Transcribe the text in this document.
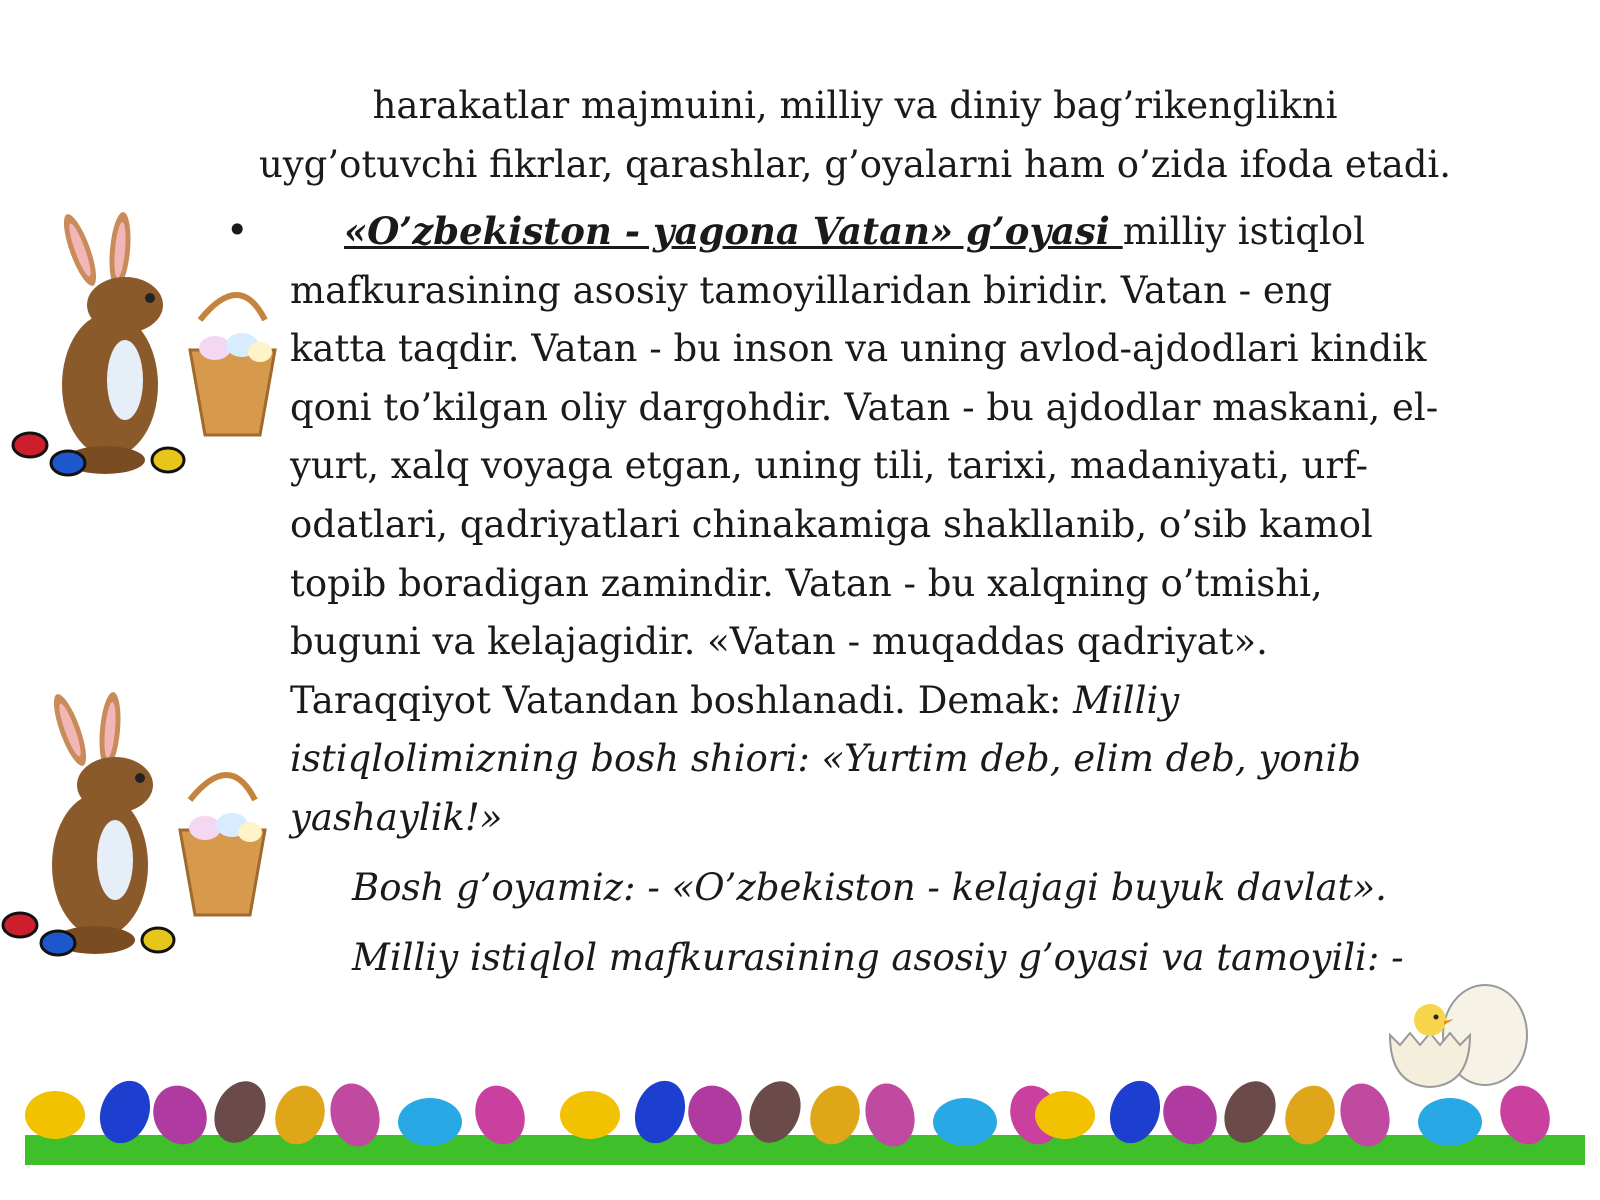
harakatlar majmuini, milliy va diniy bag’rikenglikni
uyg’otuvchi fikrlar, qarashlar, g’oyalarni ham o’zida ifoda etadi.
•	«O’zbekiston - yagona Vatan» g’oyasi milliy istiqlol
mafkurasining asosiy tamoyillaridan biridir. Vatan - eng
katta taqdir. Vatan - bu inson va uning avlod-ajdodlari kindik
qoni to’kilgan oliy dargohdir. Vatan - bu ajdodlar maskani, el-
yurt, xalq voyaga etgan, uning tili, tarixi, madaniyati, urf-
odatlari, qadriyatlari chinakamiga shakllanib, o’sib kamol
topib boradigan zamindir. Vatan - bu xalqning o’tmishi,
buguni va kelajagidir. «Vatan - muqaddas qadriyat».
Taraqqiyot Vatandan boshlanadi. Demak: Milliy
istiqlolimizning bosh shiori: «Yurtim deb, elim deb, yonib
yashaylik!»
Bosh g’oyamiz: - «O’zbekiston - kelajagi buyuk davlat».
Milliy istiqlol mafkurasining asosiy g’oyasi va tamoyili: -
